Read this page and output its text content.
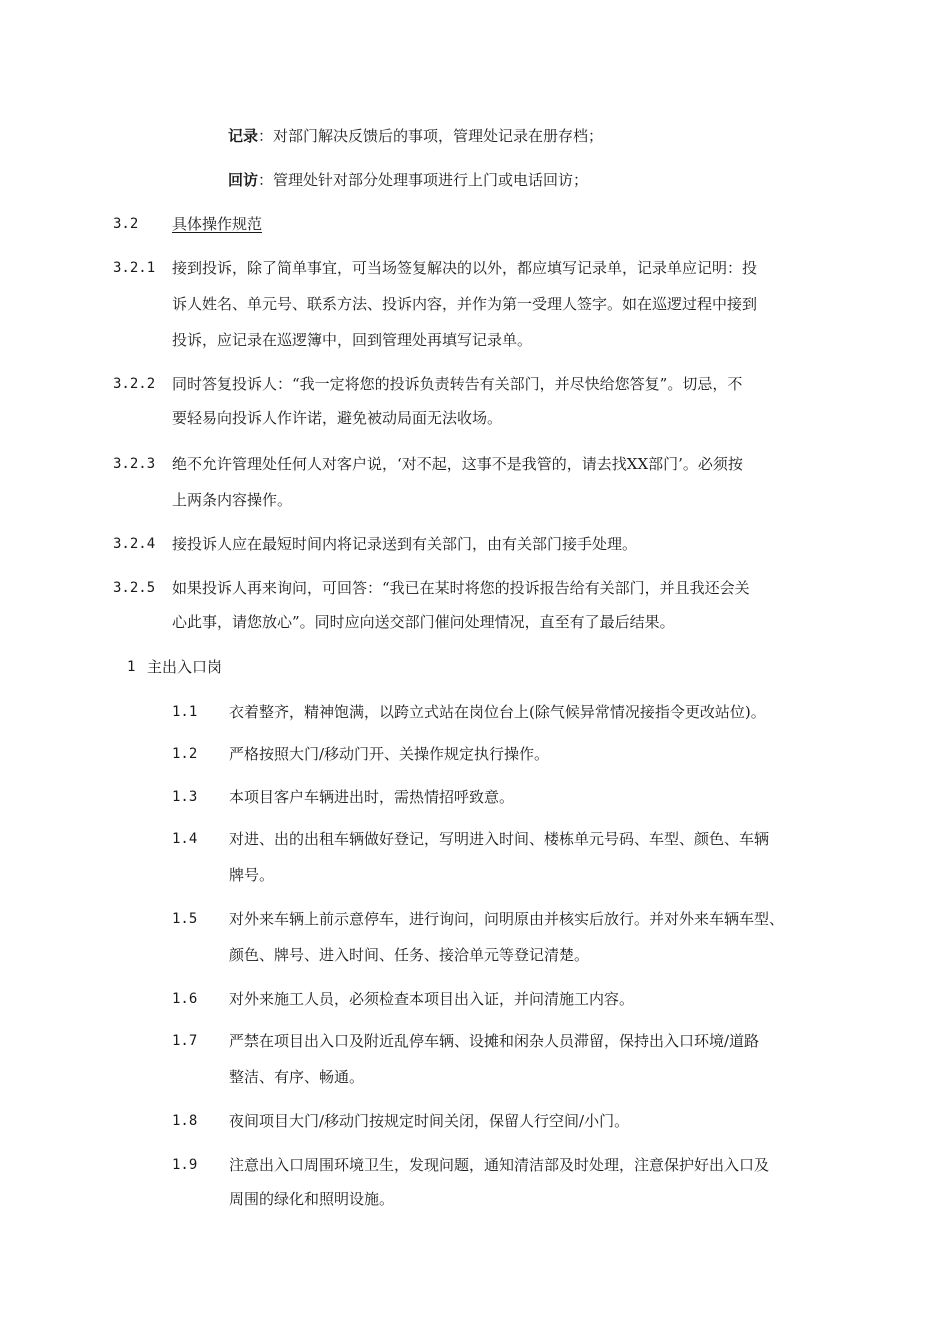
记录：对部门解决反馈后的事项，管理处记录在册存档；
回访：管理处针对部分处理事项进行上门或电话回访；
3.2 具体操作规范
3.2.1 接到投诉，除了简单事宜，可当场签复解决的以外，都应填写记录单，记录单应记明：投
诉人姓名、单元号、联系方法、投诉内容，并作为第一受理人签字。如在巡逻过程中接到
投诉，应记录在巡逻簿中，回到管理处再填写记录单。
3.2.2 同时答复投诉人：“我一定将您的投诉负责转告有关部门，并尽快给您答复”。切忌，不
要轻易向投诉人作许诺，避免被动局面无法收场。
3.2.3 绝不允许管理处任何人对客户说，‘对不起，这事不是我管的，请去找XX部门’。必须按
上两条内容操作。
3.2.4 接投诉人应在最短时间内将记录送到有关部门，由有关部门接手处理。
3.2.5 如果投诉人再来询问，可回答：“我已在某时将您的投诉报告给有关部门，并且我还会关
心此事，请您放心”。同时应向送交部门催问处理情况，直至有了最后结果。
1 主出入口岗
1.1 衣着整齐，精神饱满，以跨立式站在岗位台上(除气候异常情况接指令更改站位)。
1.2 严格按照大门/移动门开、关操作规定执行操作。
1.3 本项目客户车辆进出时，需热情招呼致意。
1.4 对进、出的出租车辆做好登记，写明进入时间、楼栋单元号码、车型、颜色、车辆
牌号。
1.5 对外来车辆上前示意停车，进行询问，问明原由并核实后放行。并对外来车辆车型、
颜色、牌号、进入时间、任务、接洽单元等登记清楚。
1.6 对外来施工人员，必须检查本项目出入证，并问清施工内容。
1.7 严禁在项目出入口及附近乱停车辆、设摊和闲杂人员滞留，保持出入口环境/道路
整洁、有序、畅通。
1.8 夜间项目大门/移动门按规定时间关闭，保留人行空间/小门。
1.9 注意出入口周围环境卫生，发现问题，通知清洁部及时处理，注意保护好出入口及
周围的绿化和照明设施。
